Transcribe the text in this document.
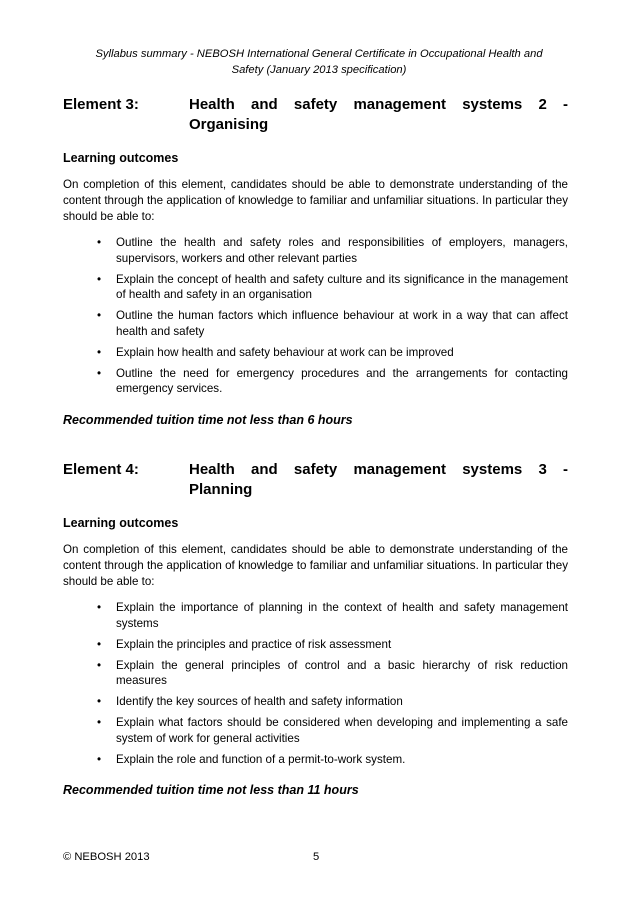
Syllabus summary - NEBOSH International General Certificate in Occupational Health and
Safety (January 2013 specification)
Element 3:	Health and safety management systems 2 -
Organising
Learning outcomes
On completion of this element, candidates should be able to demonstrate understanding of the content through the application of knowledge to familiar and unfamiliar situations. In particular they should be able to:
• Outline the health and safety roles and responsibilities of employers, managers, supervisors, workers and other relevant parties
• Explain the concept of health and safety culture and its significance in the management of health and safety in an organisation
• Outline the human factors which influence behaviour at work in a way that can affect health and safety
• Explain how health and safety behaviour at work can be improved
• Outline the need for emergency procedures and the arrangements for contacting emergency services.
Recommended tuition time not less than 6 hours
Element 4:	Health and safety management systems 3 -
Planning
Learning outcomes
On completion of this element, candidates should be able to demonstrate understanding of the content through the application of knowledge to familiar and unfamiliar situations. In particular they should be able to:
• Explain the importance of planning in the context of health and safety management systems
• Explain the principles and practice of risk assessment
• Explain the general principles of control and a basic hierarchy of risk reduction measures
• Identify the key sources of health and safety information
• Explain what factors should be considered when developing and implementing a safe system of work for general activities
• Explain the role and function of a permit-to-work system.
Recommended tuition time not less than 11 hours
© NEBOSH 2013	5
